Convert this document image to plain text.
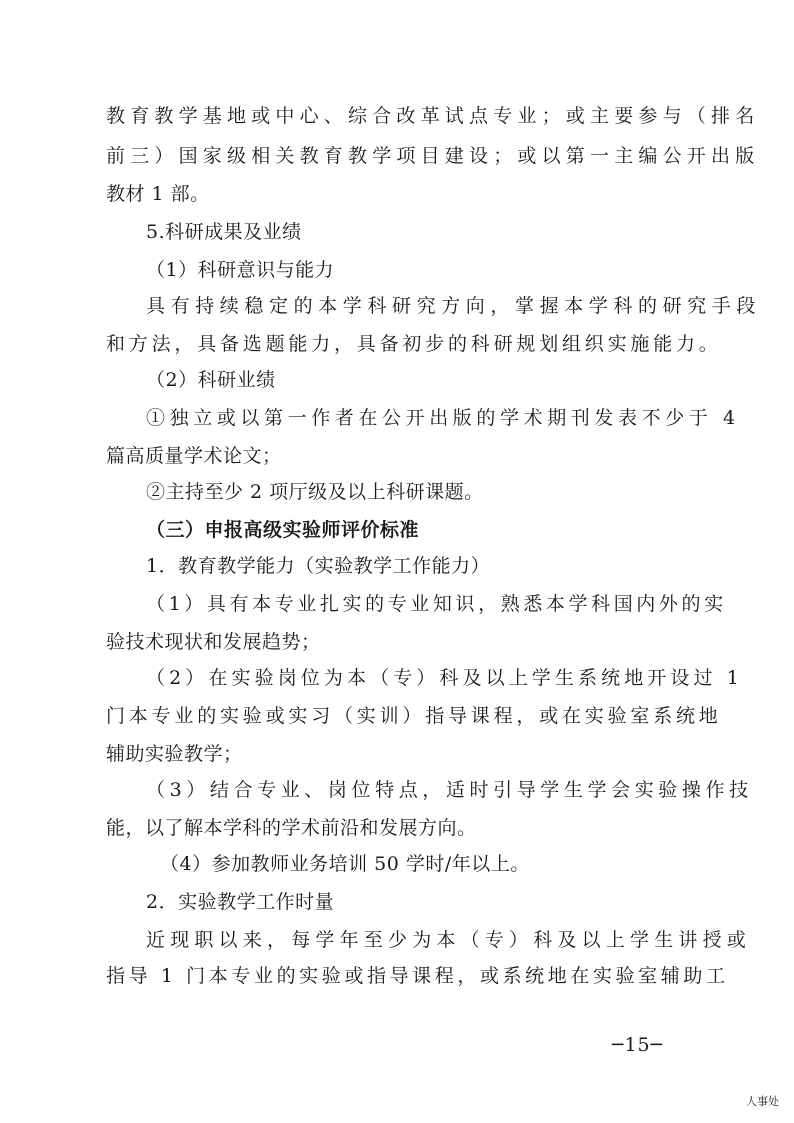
教育教学基地或中心、综合改革试点专业；或主要参与（排名
前三）国家级相关教育教学项目建设；或以第一主编公开出版
教材 1 部。
5.科研成果及业绩
（1）科研意识与能力
具有持续稳定的本学科研究方向，掌握本学科的研究手段
和方法，具备选题能力，具备初步的科研规划组织实施能力。
（2）科研业绩
①独立或以第一作者在公开出版的学术期刊发表不少于 4
篇高质量学术论文；
②主持至少 2 项厅级及以上科研课题。
（三）申报高级实验师评价标准
1．教育教学能力（实验教学工作能力）
（1）具有本专业扎实的专业知识，熟悉本学科国内外的实
验技术现状和发展趋势；
（2）在实验岗位为本（专）科及以上学生系统地开设过 1
门本专业的实验或实习（实训）指导课程，或在实验室系统地
辅助实验教学；
（3）结合专业、岗位特点，适时引导学生学会实验操作技
能，以了解本学科的学术前沿和发展方向。
（4）参加教师业务培训 50 学时/年以上。
2．实验教学工作时量
近现职以来，每学年至少为本（专）科及以上学生讲授或
指导 1 门本专业的实验或指导课程，或系统地在实验室辅助工
─15─
人事处
